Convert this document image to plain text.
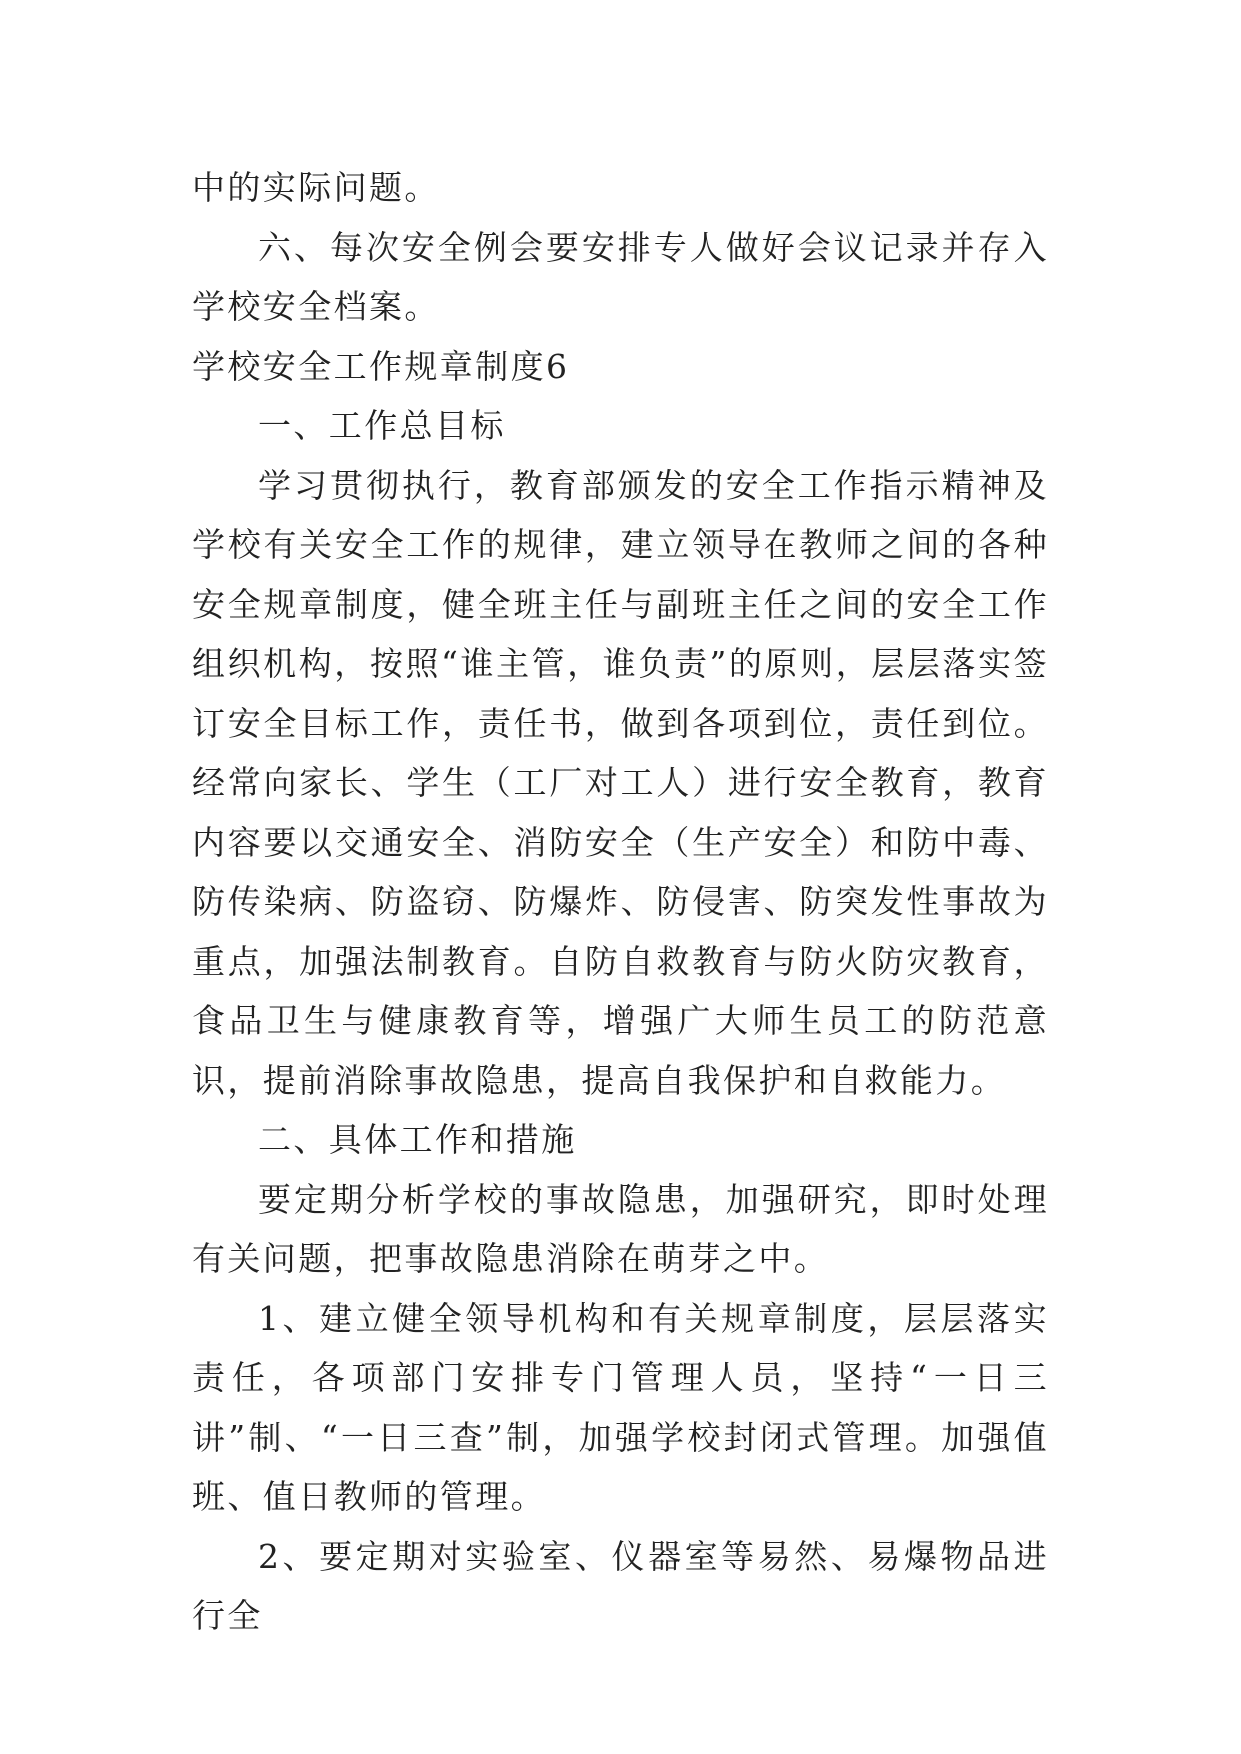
中的实际问题。

六、每次安全例会要安排专人做好会议记录并存入学校安全档案。

学校安全工作规章制度6

一、工作总目标

学习贯彻执行，教育部颁发的安全工作指示精神及学校有关安全工作的规律，建立领导在教师之间的各种安全规章制度，健全班主任与副班主任之间的安全工作组织机构，按照“谁主管，谁负责”的原则，层层落实签订安全目标工作，责任书，做到各项到位，责任到位。经常向家长、学生（工厂对工人）进行安全教育，教育内容要以交通安全、消防安全（生产安全）和防中毒、防传染病、防盗窃、防爆炸、防侵害、防突发性事故为重点，加强法制教育。自防自救教育与防火防灾教育，食品卫生与健康教育等，增强广大师生员工的防范意识，提前消除事故隐患，提高自我保护和自救能力。

二、具体工作和措施

要定期分析学校的事故隐患，加强研究，即时处理有关问题，把事故隐患消除在萌芽之中。

1、建立健全领导机构和有关规章制度，层层落实责任，各项部门安排专门管理人员，坚持“一日三讲”制、“一日三查”制，加强学校封闭式管理。加强值班、值日教师的管理。

2、要定期对实验室、仪器室等易然、易爆物品进行全
